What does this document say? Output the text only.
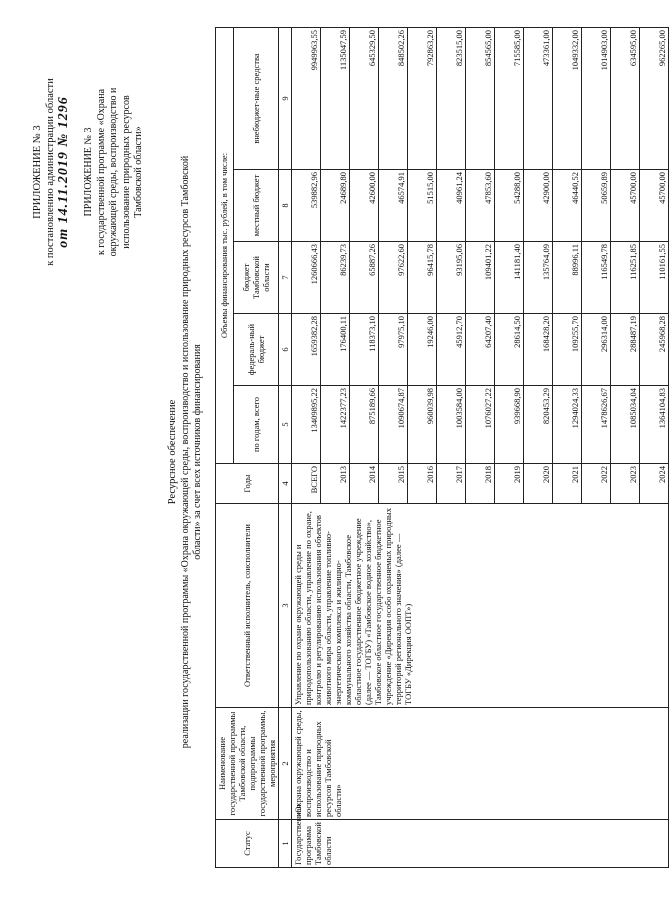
ПРИЛОЖЕНИЕ № 3 к постановлению администрации области от 14.11.2019 № 1296 ПРИЛОЖЕНИЕ № 3 к государственной программе «Охрана окружающей среды, воспроизводство и использование природных ресурсов Тамбовской области»
Ресурсное обеспечение реализации государственной программы «Охрана окружающей среды, воспроизводство и использование природных ресурсов Тамбовской области» за счет всех источников финансирования
Статус	Наименование государственной программы Тамбовской области, подпрограммы государственной программы, мероприятия	Ответственный исполнитель, соисполнители	Годы	Объемы финансирования тыс. рублей, в том числе:				
				по годам, всего	федераль-ный бюджет	бюджет Тамбовской области	местный бюджет	внебюджет-ные средства
1	2	3	4	5	6	7	8	9
Государственная программа Тамбовской области	«Охрана окружающей среды, воспроизводство и использование природных ресурсов Тамбовской области»	Управление по охране окружающей среды и природопользованию области, управление по охране, контролю и регулированию использования объектов животного мира области, управление топливно-энергетического комплекса и жилищно-коммунального хозяйства области, Тамбовское областное государственное бюджетное учреждение (далее — ТОГБУ) «Тамбовское водное хозяйство», Тамбовское областное государственное бюджетное учреждение «Дирекция особо охраняемых природных территорий регионального значения» (далее — ТОГБУ «Дирекция ООПТ»)	ВСЕГО	13409895,22	1659382,28	1260666,43	539882,96	9949963,55
			2013	1422377,23	176400,11	86239,73	24689,80	1135047,59
			2014	875189,66	118373,10	65887,26	42600,00	645329,50
			2015	1090674,87	97975,10	97622,60	46574,91	848502,26
			2016	960039,98	19246,00	96415,78	51515,00	792863,20
			2017	1003584,00	45912,70	93195,06	40961,24	823515,00
			2018	1076027,22	64207,40	109401,22	47853,60	854565,00
			2019	939668,90	28614,50	141181,40	54288,00	715585,00
			2020	820453,29	168428,20	135764,09	42900,00	473361,00
			2021	1294024,33	109255,70	88996,11	46440,52	1049332,00
			2022	1478626,67	296314,00	116549,78	50659,89	1014903,00
			2023	1085034,04	288487,19	116251,85	45700,00	634595,00
			2024	1364104,83	245968,28	110161,55	45700,00	962265,00
